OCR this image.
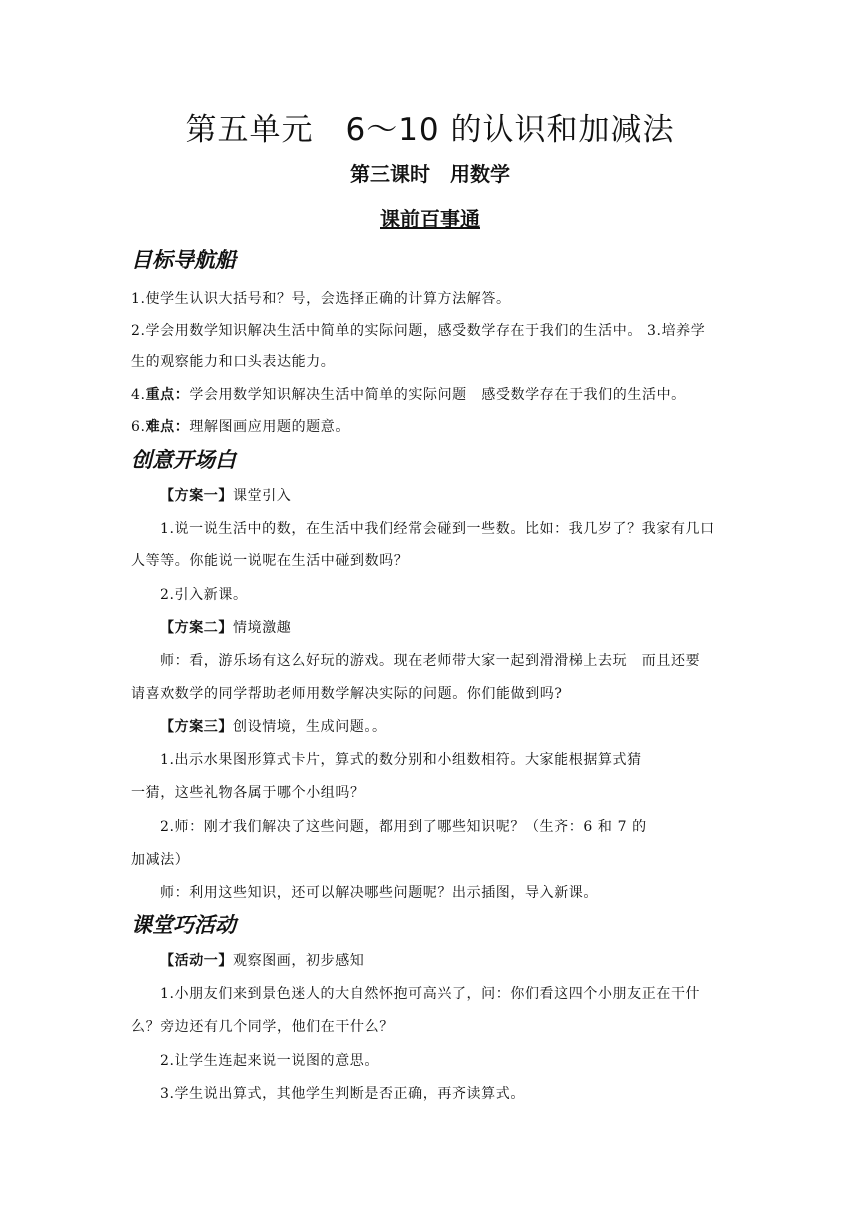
第五单元　6～10 的认识和加减法
第三课时　用数学
课前百事通
目标导航船
1.使学生认识大括号和？号，会选择正确的计算方法解答。
2.学会用数学知识解决生活中简单的实际问题，感受数学存在于我们的生活中。 3.培养学
生的观察能力和口头表达能力。
4.重点：学会用数学知识解决生活中简单的实际问题　感受数学存在于我们的生活中。
6.难点：理解图画应用题的题意。
创意开场白
【方案一】课堂引入
1.说一说生活中的数，在生活中我们经常会碰到一些数。比如：我几岁了？我家有几口
人等等。你能说一说呢在生活中碰到数吗？
2.引入新课。
【方案二】情境激趣
师：看，游乐场有这么好玩的游戏。现在老师带大家一起到滑滑梯上去玩　而且还要
请喜欢数学的同学帮助老师用数学解决实际的问题。你们能做到吗?
【方案三】创设情境，生成问题。。
1.出示水果图形算式卡片，算式的数分别和小组数相符。大家能根据算式猜
一猜，这些礼物各属于哪个小组吗？
2.师：刚才我们解决了这些问题，都用到了哪些知识呢？（生齐：6 和 7 的
加减法）
师：利用这些知识，还可以解决哪些问题呢？出示插图，导入新课。
课堂巧活动
【活动一】观察图画，初步感知
1.小朋友们来到景色迷人的大自然怀抱可高兴了，问：你们看这四个小朋友正在干什
么？旁边还有几个同学，他们在干什么？
2.让学生连起来说一说图的意思。
3.学生说出算式，其他学生判断是否正确，再齐读算式。
